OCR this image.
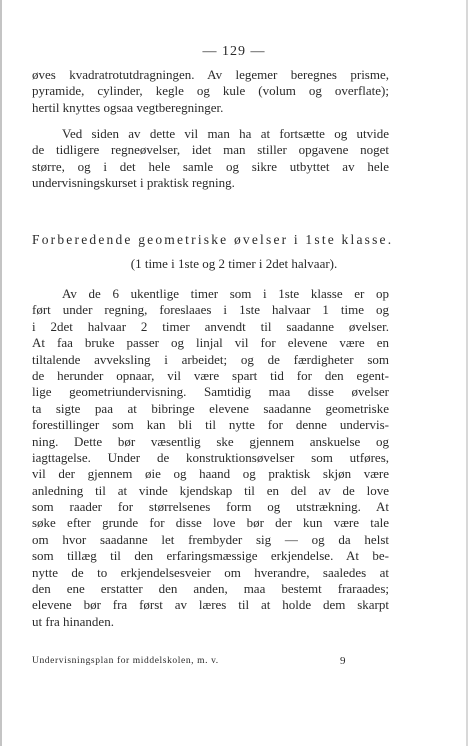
— 129 —
øves kvadratrotutdragningen. Av legemer beregnes prisme,
pyramide, cylinder, kegle og kule (volum og overflate);
hertil knyttes ogsaa vegtberegninger.
Ved siden av dette vil man ha at fortsætte og utvide
de tidligere regneøvelser, idet man stiller opgavene noget
større, og i det hele samle og sikre utbyttet av hele
undervisningskurset i praktisk regning.
Forberedende geometriske øvelser i 1ste klasse.
(1 time i 1ste og 2 timer i 2det halvaar).
Av de 6 ukentlige timer som i 1ste klasse er op
ført under regning, foreslaaes i 1ste halvaar 1 time og
i 2det halvaar 2 timer anvendt til saadanne øvelser.
At faa bruke passer og linjal vil for elevene være en
tiltalende avveksling i arbeidet; og de færdigheter som
de herunder opnaar, vil være spart tid for den egent-
lige geometriundervisning. Samtidig maa disse øvelser
ta sigte paa at bibringe elevene saadanne geometriske
forestillinger som kan bli til nytte for denne undervis-
ning. Dette bør væsentlig ske gjennem anskuelse og
iagttagelse. Under de konstruktionsøvelser som utføres,
vil der gjennem øie og haand og praktisk skjøn være
anledning til at vinde kjendskap til en del av de love
som raader for størrelsenes form og utstrækning. At
søke efter grunde for disse love bør der kun være tale
om hvor saadanne let frembyder sig — og da helst
som tillæg til den erfaringsmæssige erkjendelse. At be-
nytte de to erkjendelsesveier om hverandre, saaledes at
den ene erstatter den anden, maa bestemt fraraades;
elevene bør fra først av læres til at holde dem skarpt
ut fra hinanden.
Undervisningsplan for middelskolen, m. v.	9
